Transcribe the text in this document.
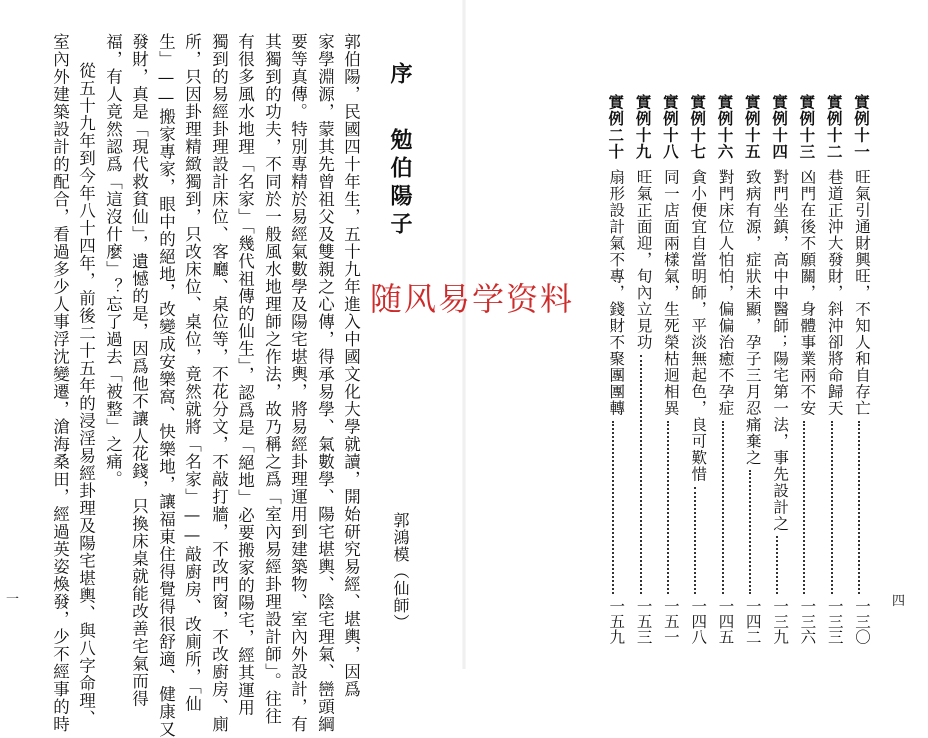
序
勉伯陽子
郭鴻模（仙師）
郭伯陽，民國四十年生，五十九年進入中國文化大學就讀，開始研究易經、堪輿，因爲
家學淵源，蒙其先曾祖父及雙親之心傳，得承易學、氣數學、陽宅堪輿、陰宅理氣、巒頭綱
要等真傳。特別專精於易經氣數學及陽宅堪輿，將易經卦理運用到建築物、室內外設計，有
其獨到的功夫，不同於一般風水地理師之作法，故乃稱之爲「室內易經卦理設計師」。往往
有很多風水地理「名家」「幾代祖傳的仙生」，認爲是「絕地」必要搬家的陽宅，經其運用
獨到的易經卦理設計床位、客廳、桌位等，不花分文，不敲打牆，不改門窗，不改廚房、廁
所，只因卦理精緻獨到，只改床位、桌位，竟然就將「名家」——敲廚房、改廁所，「仙
生」——搬家專家，眼中的絕地，改變成安樂窩、快樂地，讓福東住得覺得很舒適、健康又
發財，真是「現代救貧仙」，遺憾的是，因爲他不讓人花錢，只換床桌就能改善宅氣而得
福，有人竟然認爲「這沒什麼」？忘了過去「被整」之痛。
從五十九年到今年八十四年，前後二十五年的浸淫易經卦理及陽宅堪輿、與八字命理、
室內外建築設計的配合，看過多少人事浮沈變遷，滄海桑田，經過英姿煥發，少不經事的時
一	四
實例十一
旺氣引通財興旺，不知人和自存亡
一三〇
實例十二
巷道正沖大發財，斜沖卻將命歸天
一三三
實例十三
凶門在後不願關，身體事業兩不安
一三六
實例十四
對門坐鎮，高中中醫師；陽宅第一法，事先設計之
一三九
實例十五
致病有源，症狀未顯，孕子三月忍痛棄之
一四二
實例十六
對門床位人怕怕，偏偏治癒不孕症
一四五
實例十七
貪小便宜自當明師，平淡無起色，良可歎惜
一四八
實例十八
同一店面兩樣氣，生死榮枯迥相異
一五一
實例十九
旺氣正面迎，旬內立見功
一五三
實例二十
扇形設計氣不專，錢財不聚團團轉
一五九
随风易学资料
